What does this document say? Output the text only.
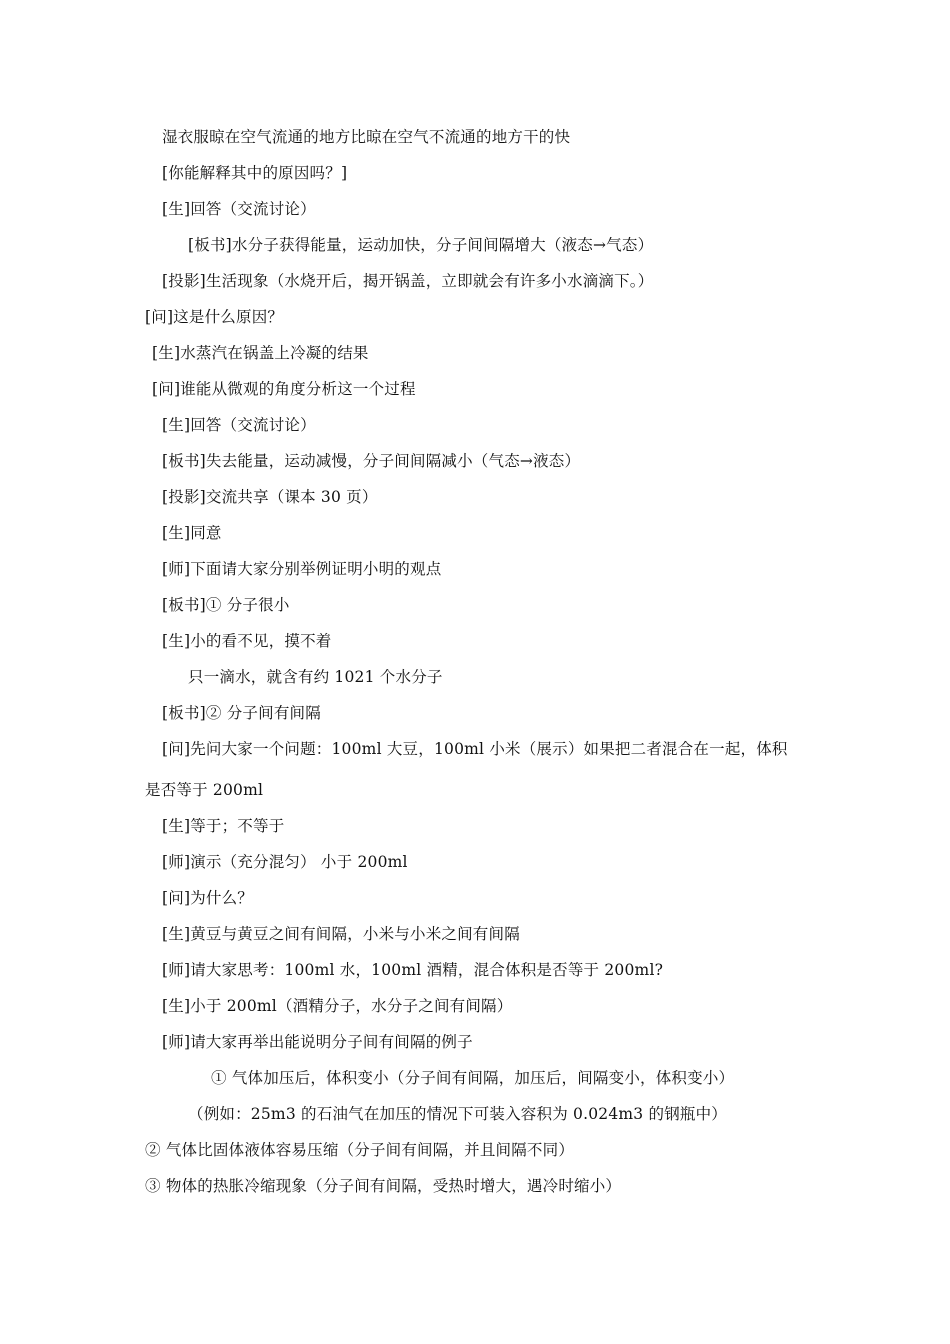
湿衣服晾在空气流通的地方比晾在空气不流通的地方干的快
[你能解释其中的原因吗？]
[生]回答（交流讨论）
[板书]水分子获得能量，运动加快，分子间间隔增大（液态→气态）
[投影]生活现象（水烧开后，揭开锅盖，立即就会有许多小水滴滴下。）
[问]这是什么原因？
[生]水蒸汽在锅盖上冷凝的结果
[问]谁能从微观的角度分析这一个过程
[生]回答（交流讨论）
[板书]失去能量，运动减慢，分子间间隔减小（气态→液态）
[投影]交流共享（课本 30 页）
[生]同意
[师]下面请大家分别举例证明小明的观点
[板书]① 分子很小
[生]小的看不见，摸不着
只一滴水，就含有约 1021 个水分子
[板书]② 分子间有间隔
[问]先问大家一个问题：100ml 大豆，100ml 小米（展示）如果把二者混合在一起，体积
是否等于 200ml
[生]等于；不等于
[师]演示（充分混匀） 小于 200ml
[问]为什么？
[生]黄豆与黄豆之间有间隔，小米与小米之间有间隔
[师]请大家思考：100ml 水，100ml 酒精，混合体积是否等于 200ml?
[生]小于 200ml（酒精分子，水分子之间有间隔）
[师]请大家再举出能说明分子间有间隔的例子
① 气体加压后，体积变小（分子间有间隔，加压后，间隔变小，体积变小）
（例如：25m3 的石油气在加压的情况下可装入容积为 0.024m3 的钢瓶中）
② 气体比固体液体容易压缩（分子间有间隔，并且间隔不同）
③ 物体的热胀冷缩现象（分子间有间隔，受热时增大，遇冷时缩小）
